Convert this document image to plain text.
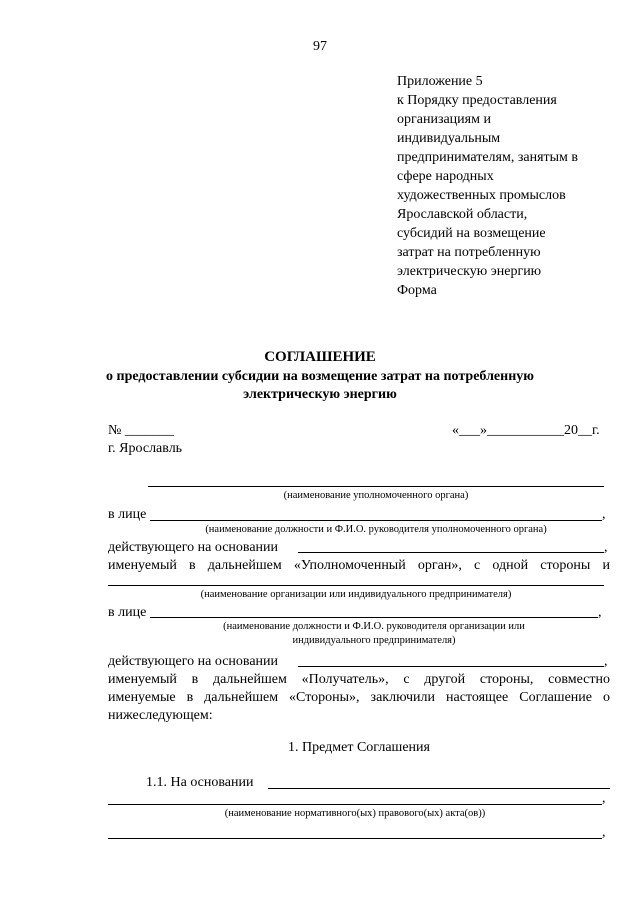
97
Приложение 5
к Порядку предоставления
организациям и
индивидуальным
предпринимателям, занятым в
сфере народных
художественных промыслов
Ярославской области,
субсидий на возмещение
затрат на потребленную
электрическую энергию
Форма
СОГЛАШЕНИЕ
о предоставлении субсидии на возмещение затрат на потребленную
электрическую энергию
№ _______	«___»___________20__г.
г. Ярославль
(наименование уполномоченного органа)
в лице	,
(наименование должности и Ф.И.О. руководителя уполномоченного органа)
действующего на основании	,
именуемый в дальнейшем «Уполномоченный орган», с одной стороны и
(наименование организации или индивидуального предпринимателя)
в лице	,
(наименование должности и Ф.И.О. руководителя организации или
индивидуального предпринимателя)
действующего на основании	,
именуемый в дальнейшем «Получатель», с другой стороны, совместно
именуемые в дальнейшем «Стороны», заключили настоящее Соглашение о
нижеследующем:
1. Предмет Соглашения
1.1. На основании
,
(наименование нормативного(ых) правового(ых) акта(ов))
,
